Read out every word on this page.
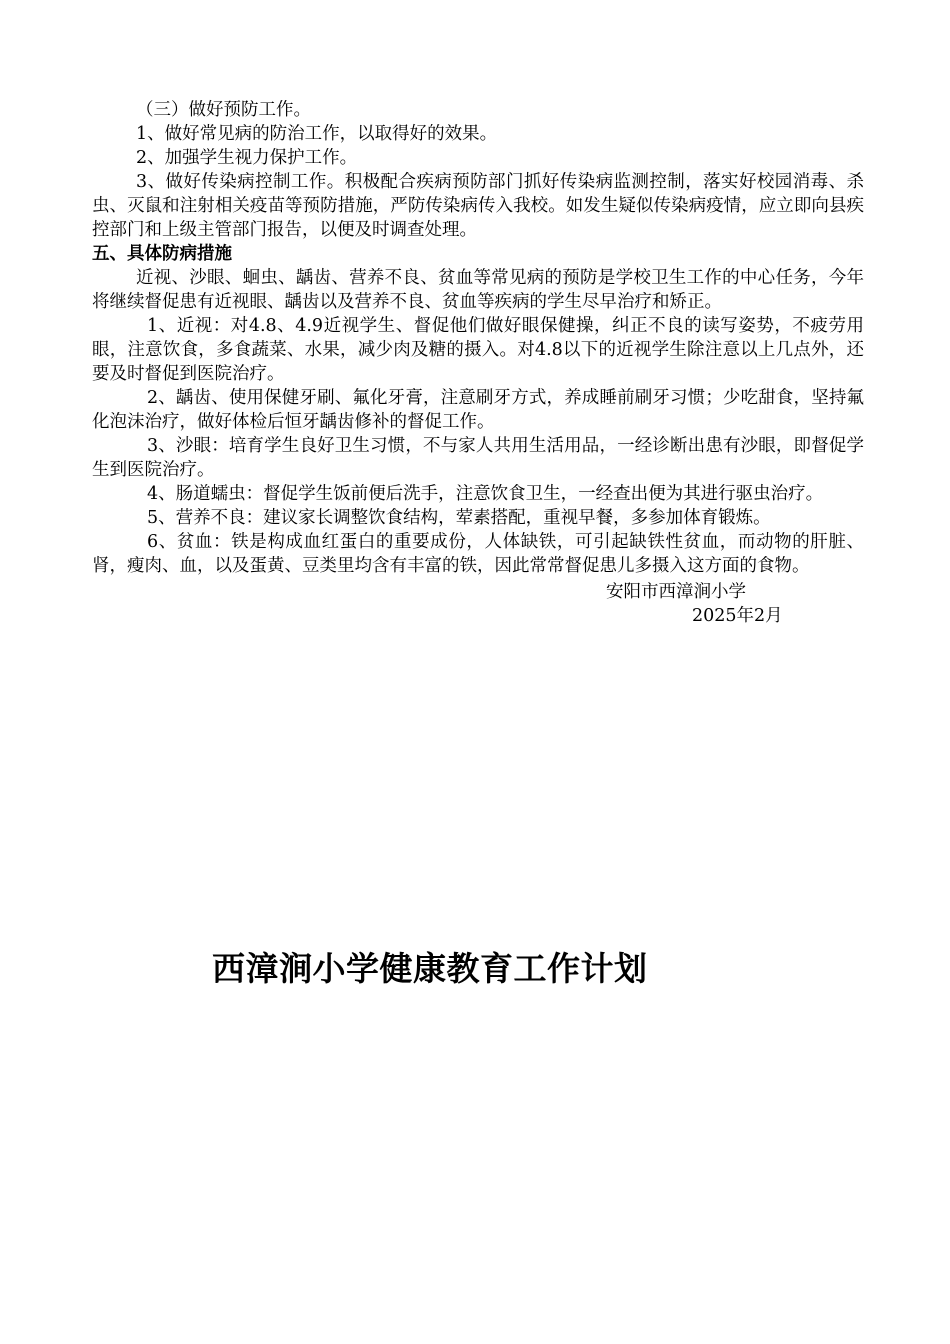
（三）做好预防工作。

1、做好常见病的防治工作，以取得好的效果。

2、加强学生视力保护工作。

3、做好传染病控制工作。积极配合疾病预防部门抓好传染病监测控制，落实好校园消毒、杀虫、灭鼠和注射相关疫苗等预防措施，严防传染病传入我校。如发生疑似传染病疫情，应立即向县疾控部门和上级主管部门报告，以便及时调查处理。

五、具体防病措施

近视、沙眼、蛔虫、龋齿、营养不良、贫血等常见病的预防是学校卫生工作的中心任务，今年将继续督促患有近视眼、龋齿以及营养不良、贫血等疾病的学生尽早治疗和矫正。

1、近视：对4.8、4.9近视学生、督促他们做好眼保健操，纠正不良的读写姿势，不疲劳用眼，注意饮食，多食蔬菜、水果，减少肉及糖的摄入。对4.8以下的近视学生除注意以上几点外，还要及时督促到医院治疗。

2、龋齿、使用保健牙刷、氟化牙膏，注意刷牙方式，养成睡前刷牙习惯；少吃甜食，坚持氟化泡沫治疗，做好体检后恒牙龋齿修补的督促工作。

3、沙眼：培育学生良好卫生习惯，不与家人共用生活用品，一经诊断出患有沙眼，即督促学生到医院治疗。

4、肠道蠕虫：督促学生饭前便后洗手，注意饮食卫生，一经查出便为其进行驱虫治疗。

5、营养不良：建议家长调整饮食结构，荤素搭配，重视早餐，多参加体育锻炼。

6、贫血：铁是构成血红蛋白的重要成份，人体缺铁，可引起缺铁性贫血，而动物的肝脏、肾，瘦肉、血，以及蛋黄、豆类里均含有丰富的铁，因此常常督促患儿多摄入这方面的食物。

安阳市西漳涧小学

2025年2月

西漳涧小学健康教育工作计划
